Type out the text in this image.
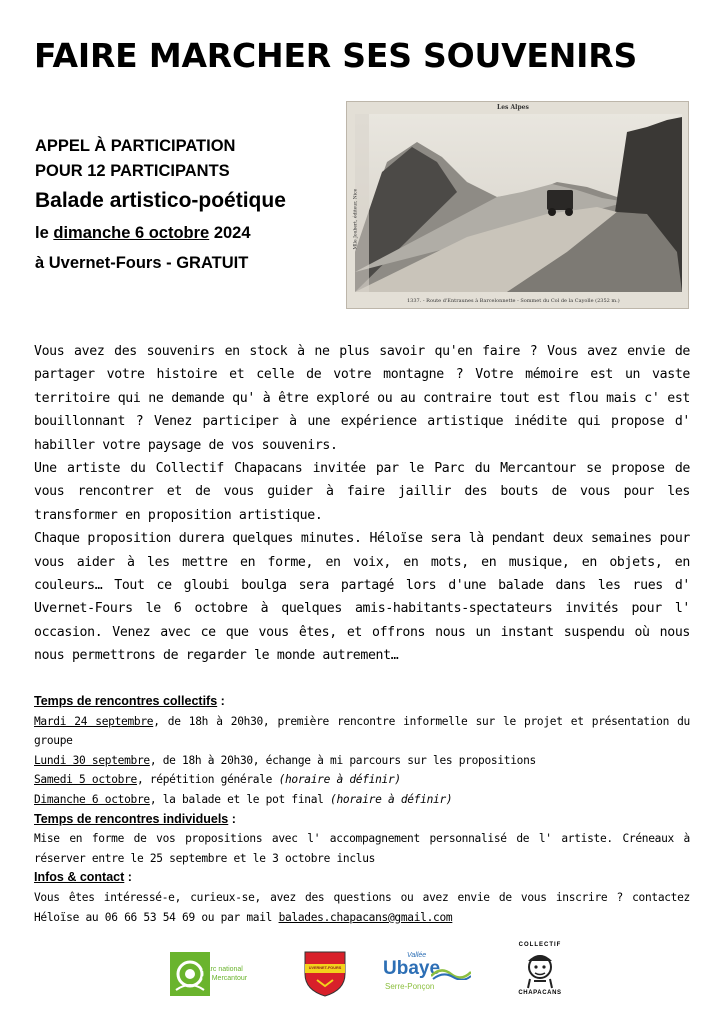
FAIRE MARCHER SES SOUVENIRS
APPEL À PARTICIPATION
POUR 12 PARTICIPANTS
Balade artistico-poétique
le dimanche 6 octobre 2024
à Uvernet-Fours - GRATUIT
Les Alpes
1337. - Route d'Entraunes à Barcelonnette - Sommet du Col de la Cayolle (2352 m.)
Mlle Joubert, éditeur, Nice

Vous avez des souvenirs en stock à ne plus savoir qu'en faire ? Vous avez envie de partager votre histoire et celle de votre montagne ? Votre mémoire est un vaste territoire qui ne demande qu' à être exploré ou au contraire tout est flou mais c' est bouillonnant ? Venez participer à une expérience artistique inédite qui propose d' habiller votre paysage de vos souvenirs.

Une artiste du Collectif Chapacans invitée par le Parc du Mercantour se propose de vous rencontrer et de vous guider à faire jaillir des bouts de vous pour les transformer en proposition artistique.

Chaque proposition durera quelques minutes. Héloïse sera là pendant deux semaines pour vous aider à les mettre en forme, en voix, en mots, en musique, en objets, en couleurs… Tout ce gloubi boulga sera partagé lors d'une balade dans les rues d' Uvernet-Fours le 6 octobre à quelques amis-habitants-spectateurs invités pour l' occasion. Venez avec ce que vous êtes, et offrons nous un instant suspendu où nous nous permettrons de regarder le monde autrement…

Temps de rencontres collectifs :
Mardi 24 septembre, de 18h à 20h30, première rencontre informelle sur le projet et présentation du groupe
Lundi 30 septembre, de 18h à 20h30, échange à mi parcours sur les propositions
Samedi 5 octobre, répétition générale (horaire à définir)
Dimanche 6 octobre, la balade et le pot final (horaire à définir)
Temps de rencontres individuels :
Mise en forme de vos propositions avec l' accompagnement personnalisé de l' artiste. Créneaux à réserver entre le 25 septembre et le 3 octobre inclus
Infos & contact :
Vous êtes intéressé-e, curieux-se, avez des questions ou avez envie de vous inscrire ? contactez Héloïse au 06 66 53 54 69 ou par mail balades.chapacans@gmail.com
Parc national
du Mercantour
UVERNET-FOURS
Vallée
Ubaye
Serre-Ponçon
COLLECTIF
CHAPACANS
